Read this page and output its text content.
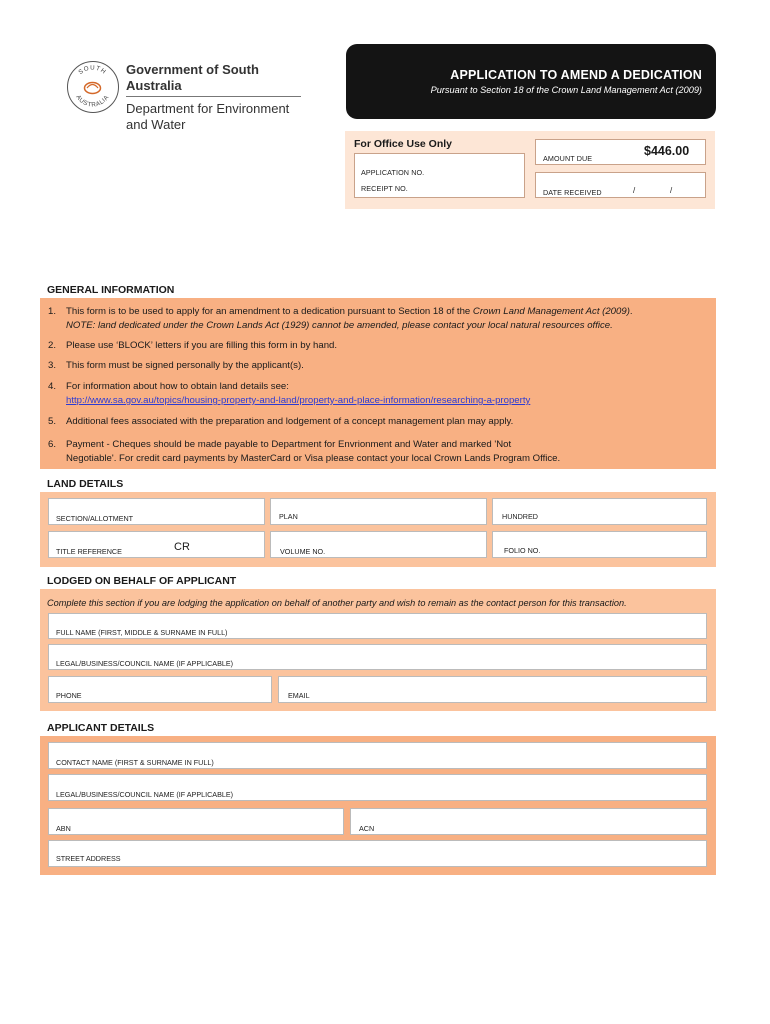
SOUTH
AUSTRALIA
Government of South Australia
Department for Environment
and Water
APPLICATION TO AMEND A DEDICATION
Pursuant to Section 18 of the Crown Land Management Act (2009)
For Office Use Only
APPLICATION NO.
RECEIPT NO.
AMOUNT DUE
$446.00
DATE RECEIVED	/	/
GENERAL INFORMATION
1. This form is to be used to apply for an amendment to a dedication pursuant to Section 18 of the Crown Land Management Act (2009).
NOTE: land dedicated under the Crown Lands Act (1929) cannot be amended, please contact your local natural resources office.
2. Please use ‘BLOCK’ letters if you are filling this form in by hand.
3. This form must be signed personally by the applicant(s).
4. For information about how to obtain land details see:
http://www.sa.gov.au/topics/housing-property-and-land/property-and-place-information/researching-a-property
5. Additional fees associated with the preparation and lodgement of a concept management plan may apply.
6. Payment - Cheques should be made payable to Department for Envrionment and Water and marked 'Not
Negotiable'. For credit card payments by MasterCard or Visa please contact your local Crown Lands Program Office.
LAND DETAILS
SECTION/ALLOTMENT	PLAN	HUNDRED
TITLE REFERENCE	CR	VOLUME NO.	FOLIO NO.
LODGED ON BEHALF OF APPLICANT
Complete this section if you are lodging the application on behalf of another party and wish to remain as the contact person for this transaction.
FULL NAME (FIRST, MIDDLE & SURNAME IN FULL)
LEGAL/BUSINESS/COUNCIL NAME (IF APPLICABLE)
PHONE	EMAIL
APPLICANT DETAILS
CONTACT NAME (FIRST & SURNAME IN FULL)
LEGAL/BUSINESS/COUNCIL NAME (IF APPLICABLE)
ABN	ACN
STREET ADDRESS
